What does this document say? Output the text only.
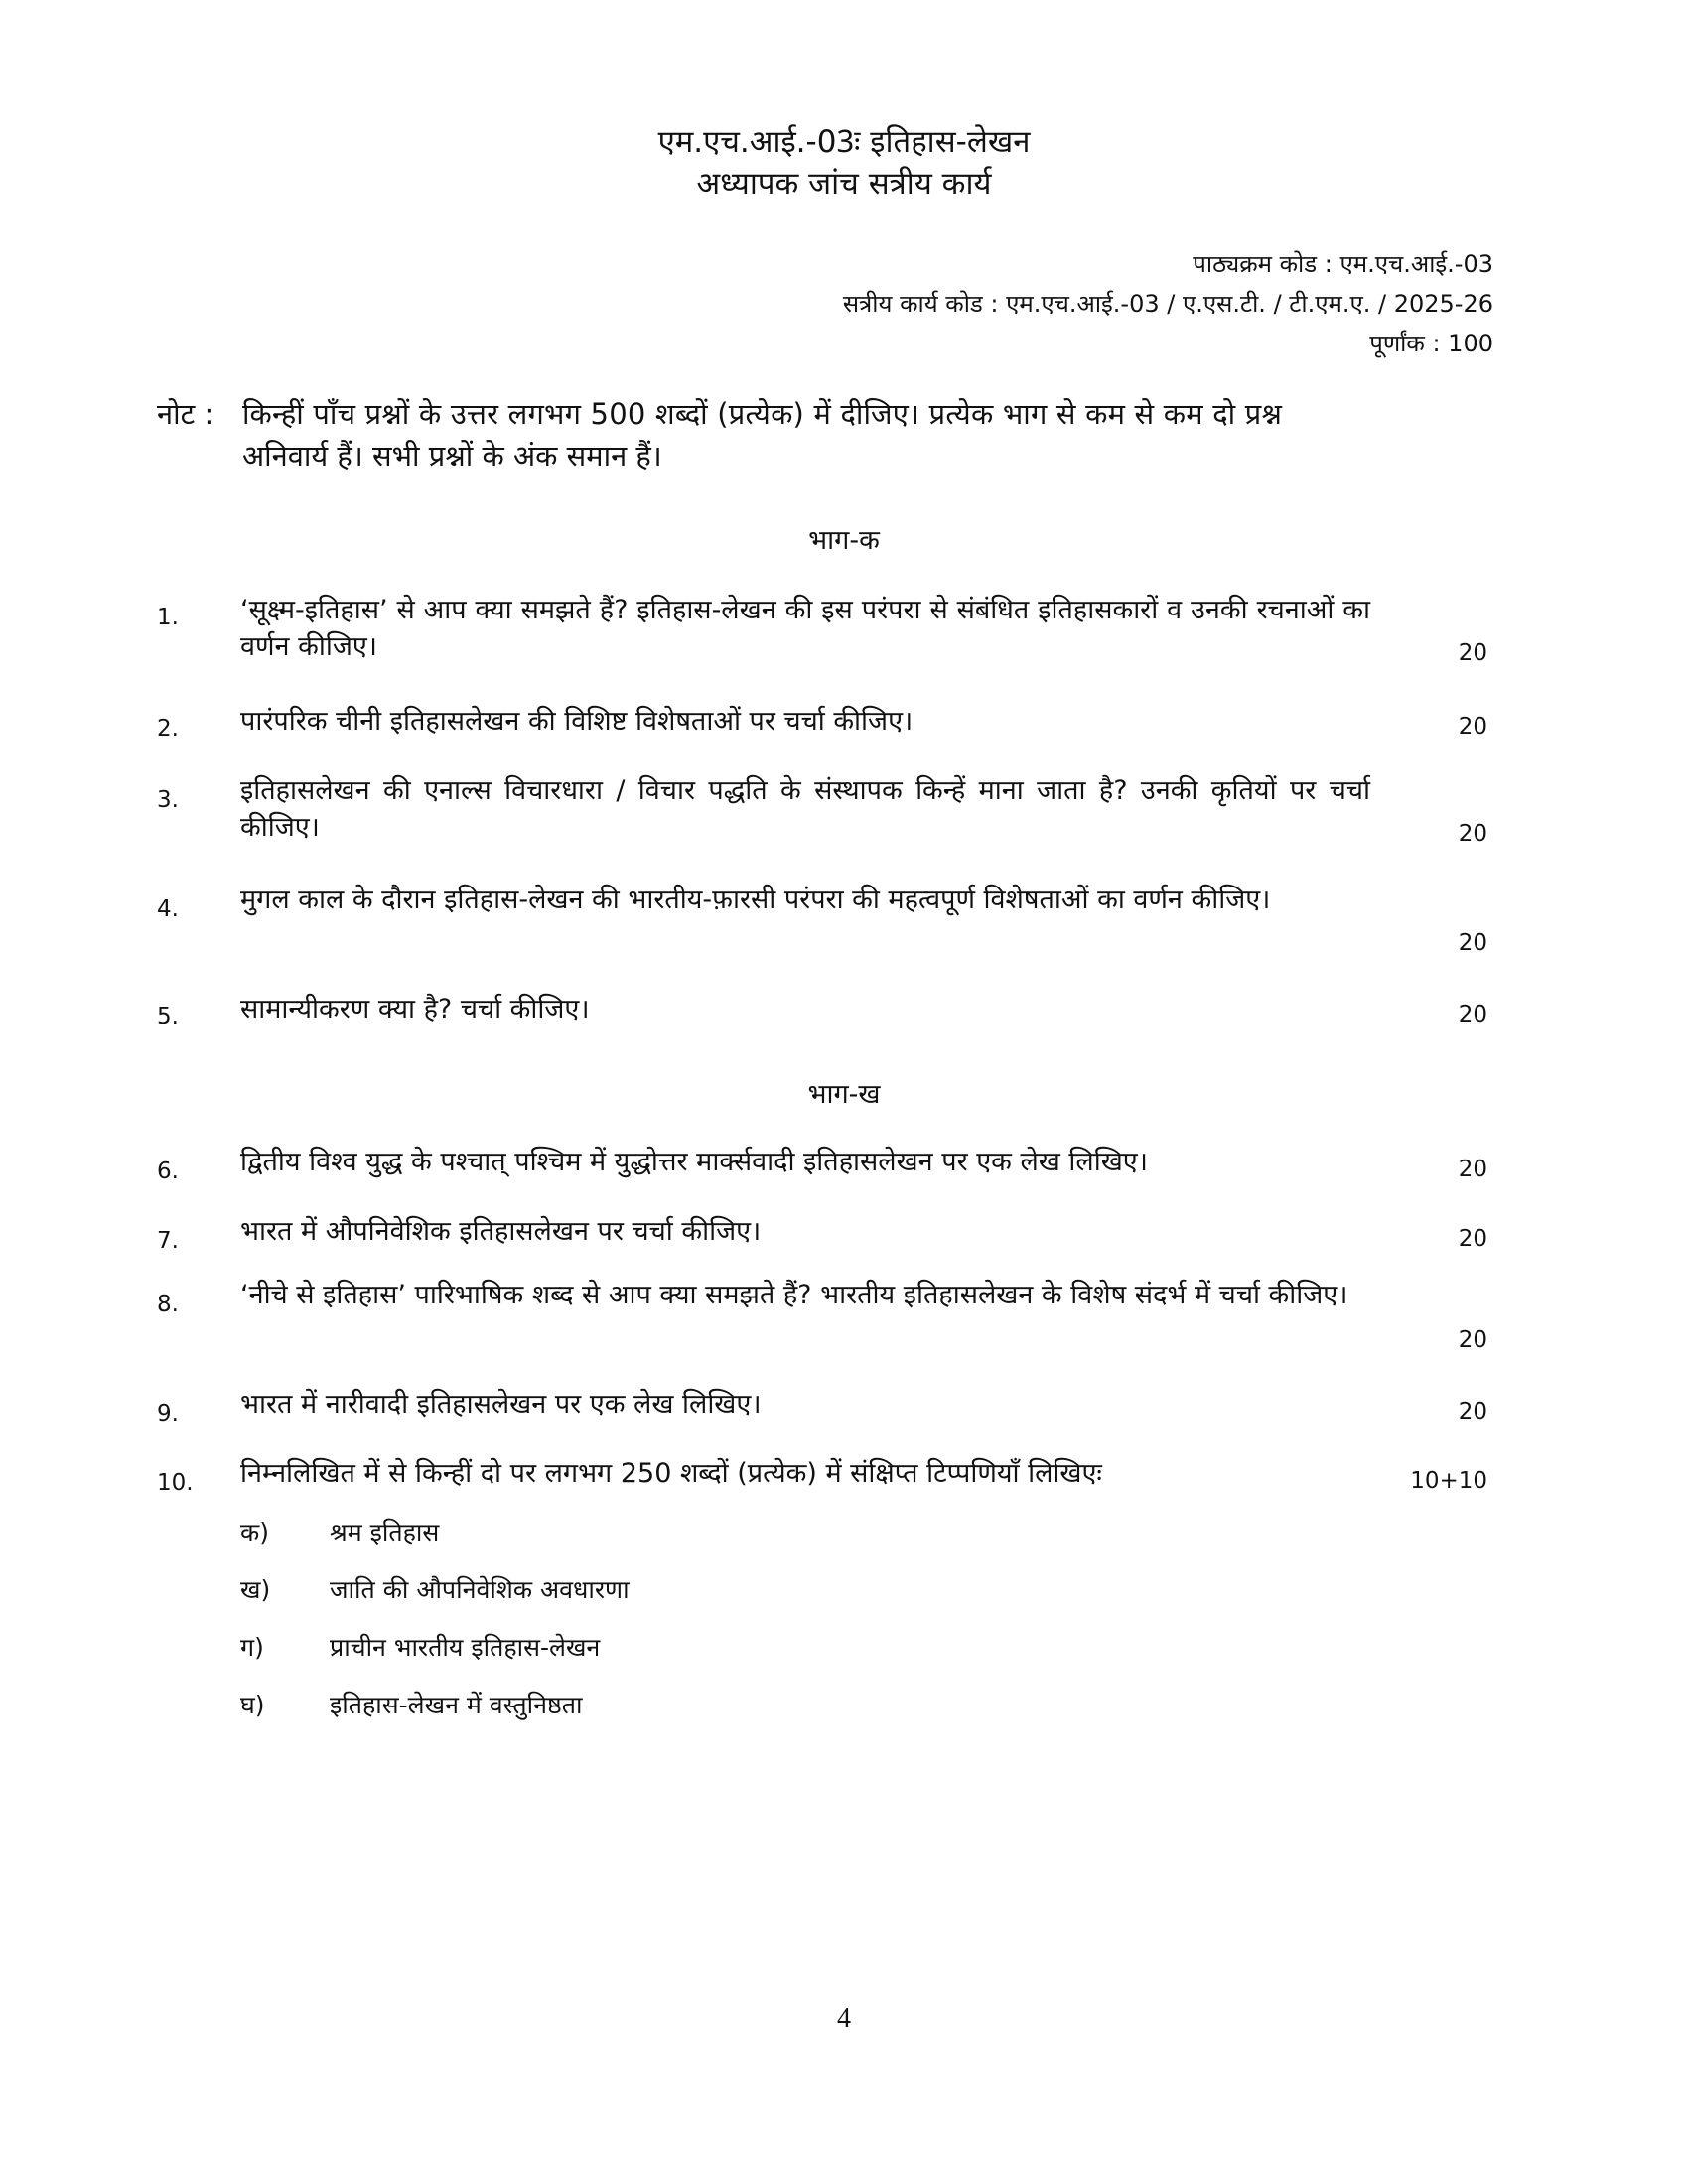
एम.एच.आई.-03ः इतिहास-लेखन
अध्यापक जांच सत्रीय कार्य
पाठ्यक्रम कोड : एम.एच.आई.-03
सत्रीय कार्य कोड : एम.एच.आई.-03 / ए.एस.टी. / टी.एम.ए. / 2025-26
पूर्णांक : 100
नोट : किन्हीं पाँच प्रश्नों के उत्तर लगभग 500 शब्दों (प्रत्येक) में दीजिए। प्रत्येक भाग से कम से कम दो प्रश्न
अनिवार्य हैं। सभी प्रश्नों के अंक समान हैं।
भाग-क
1. ‘सूक्ष्म-इतिहास’ से आप क्या समझते हैं? इतिहास-लेखन की इस परंपरा से संबंधित इतिहासकारों व उनकी रचनाओं का वर्णन कीजिए।	20
2. पारंपरिक चीनी इतिहासलेखन की विशिष्ट विशेषताओं पर चर्चा कीजिए।	20
3. इतिहासलेखन की एनाल्स विचारधारा / विचार पद्धति के संस्थापक किन्हें माना जाता है? उनकी कृतियों पर चर्चा कीजिए।	20
4. मुगल काल के दौरान इतिहास-लेखन की भारतीय-फ़ारसी परंपरा की महत्वपूर्ण विशेषताओं का वर्णन कीजिए।
20
5. सामान्यीकरण क्या है? चर्चा कीजिए।	20
भाग-ख
6. द्वितीय विश्व युद्ध के पश्चात् पश्चिम में युद्धोत्तर मार्क्सवादी इतिहासलेखन पर एक लेख लिखिए।	20
7. भारत में औपनिवेशिक इतिहासलेखन पर चर्चा कीजिए।	20
8. ‘नीचे से इतिहास’ पारिभाषिक शब्द से आप क्या समझते हैं? भारतीय इतिहासलेखन के विशेष संदर्भ में चर्चा कीजिए।
20
9. भारत में नारीवादी इतिहासलेखन पर एक लेख लिखिए।	20
10. निम्नलिखित में से किन्हीं दो पर लगभग 250 शब्दों (प्रत्येक) में संक्षिप्त टिप्पणियाँ लिखिएः	10+10
क) श्रम इतिहास
ख) जाति की औपनिवेशिक अवधारणा
ग)	प्राचीन भारतीय इतिहास-लेखन
घ)	इतिहास-लेखन में वस्तुनिष्ठता
4
